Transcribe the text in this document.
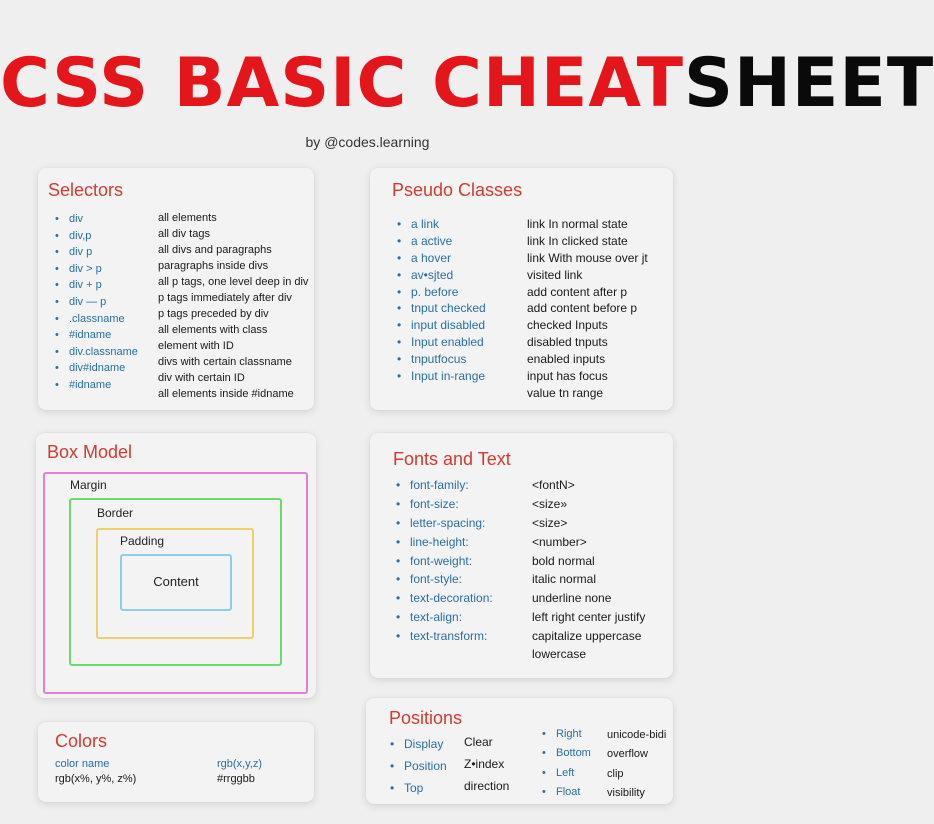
CSS BASIC CHEATSHEET
by @codes.learning
Selectors
• div
• div,p
• div p
• div > p
• div + p
• div — p
• .classname
• #idname
• div.classname
• div#idname
• #idname
all elements
all div tags
all divs and paragraphs
paragraphs inside divs
all p tags, one level deep in div
p tags immediately after div
p tags preceded by div
all elements with class
element with ID
divs with certain classname
div with certain ID
all elements inside #idname
Pseudo Classes
• a link
• a active
• a hover
• av•sjted
• p. before
• tnput checked
• input disabled
• Input enabled
• tnputfocus
• Input in-range
link In normal state
link In clicked state
link With mouse over jt
visited link
add content after p
add content before p
checked Inputs
disabled tnputs
enabled inputs
input has focus
value tn range
Box Model
Margin
Border
Padding
Content
Fonts and Text
• font-family:
• font-size:
• letter-spacing:
• line-height:
• font-weight:
• font-style:
• text-decoration:
• text-align:
• text-transform:
<fontN>
<size»
<size>
<number>
bold normal
italic normal
underline none
left right center justify
capitalize uppercase
lowercase
Colors
color name
rgb(x%, y%, z%)
rgb(x,y,z)
#rrggbb
Positions
• Display
• Position
• Top
Clear
Z•index
direction
• Right
• Bottom
• Left
• Float
unicode-bidi
overflow
clip
visibility
